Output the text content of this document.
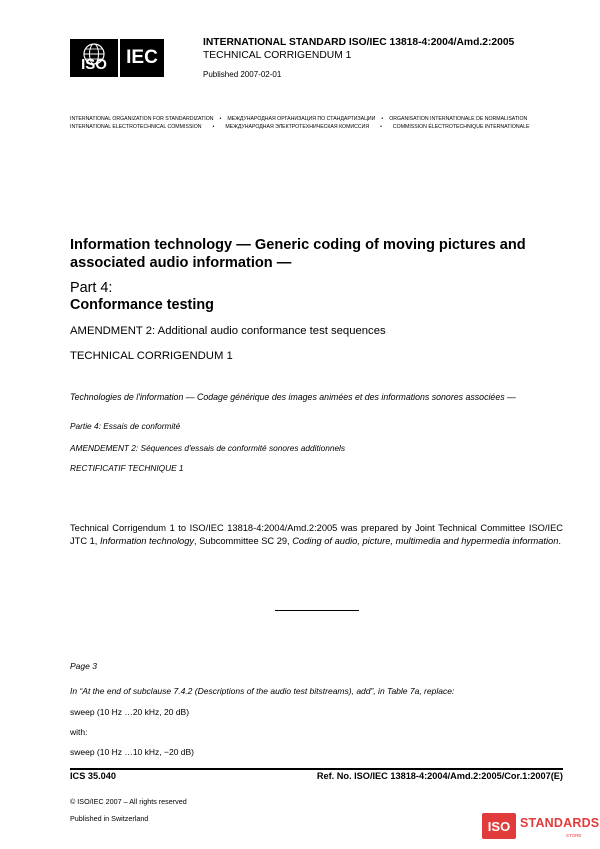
ISO IEC
INTERNATIONAL STANDARD ISO/IEC 13818-4:2004/Amd.2:2005
TECHNICAL CORRIGENDUM 1
Published 2007-02-01
INTERNATIONAL ORGANIZATION FOR STANDARDIZATION • МЕЖДУНАРОДНАЯ ОРГАНИЗАЦИЯ ПО СТАНДАРТИЗАЦИИ • ORGANISATION INTERNATIONALE DE NORMALISATION
INTERNATIONAL ELECTROTECHNICAL COMMISSION • МЕЖДУНАРОДНАЯ ЭЛЕКТРОТЕХНИЧЕСКАЯ КОМИССИЯ • COMMISSION ÉLECTROTECHNIQUE INTERNATIONALE
Information technology — Generic coding of moving pictures and associated audio information —
Part 4:
Conformance testing
AMENDMENT 2: Additional audio conformance test sequences
TECHNICAL CORRIGENDUM 1
Technologies de l'information — Codage générique des images animées et des informations sonores associées —
Partie 4: Essais de conformité
AMENDEMENT 2: Séquences d'essais de conformité sonores additionnels
RECTIFICATIF TECHNIQUE 1
Technical Corrigendum 1 to ISO/IEC 13818-4:2004/Amd.2:2005 was prepared by Joint Technical Committee ISO/IEC JTC 1, Information technology, Subcommittee SC 29, Coding of audio, picture, multimedia and hypermedia information.
Page 3
In “At the end of subclause 7.4.2 (Descriptions of the audio test bitstreams), add”, in Table 7a, replace:
sweep (10 Hz …20 kHz, 20 dB)
with:
sweep (10 Hz …10 kHz, −20 dB)
ICS 35.040	Ref. No. ISO/IEC 13818-4:2004/Amd.2:2005/Cor.1:2007(E)
© ISO/IEC 2007 – All rights reserved
Published in Switzerland	ISO STANDARDS
STORE
